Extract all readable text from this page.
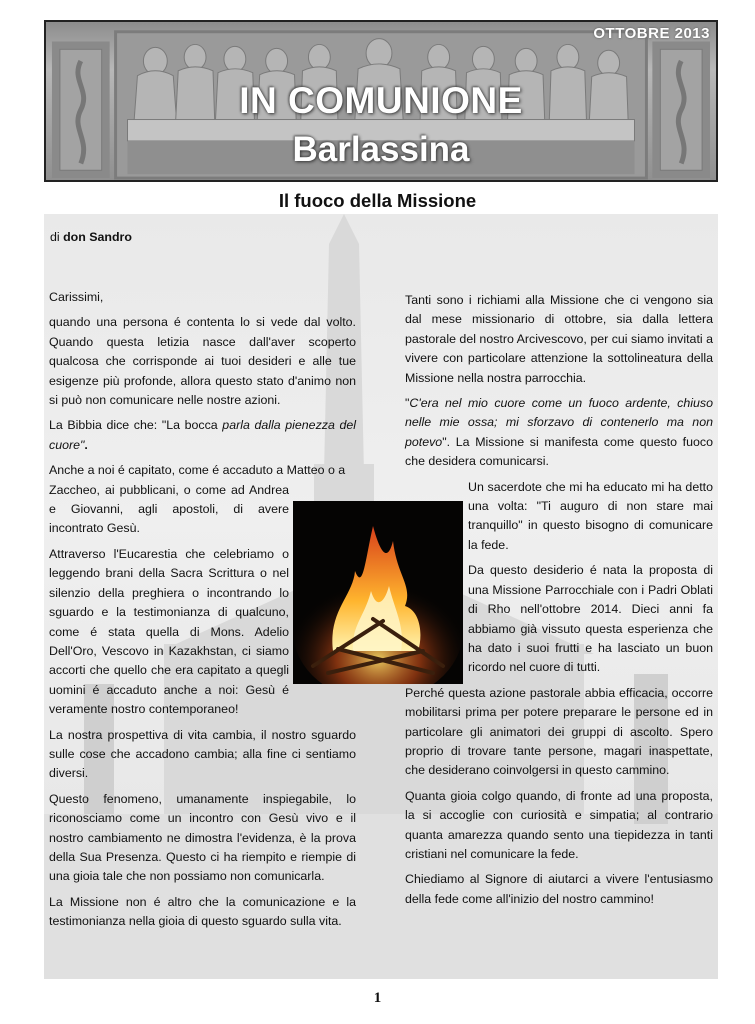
OTTOBRE 2013
IN COMUNIONE
Barlassina
Il fuoco della Missione
di don Sandro

Carissimi,

quando una persona é contenta lo si vede dal volto. Quando questa letizia nasce dall'aver scoperto qualcosa che corrisponde ai tuoi desideri e alle tue esigenze più profonde, allora questo stato d'animo non si può non comunicare nelle nostre azioni.

La Bibbia dice che: "La bocca parla dalla pienezza del cuore".

Anche a noi é capitato, come é accaduto a Matteo o a
Zaccheo, ai pubblicani, o come ad Andrea e Giovanni, agli apostoli, di avere incontrato Gesù.

Attraverso l'Eucarestia che celebriamo o leggendo brani della Sacra Scrittura o nel silenzio della preghiera o incontrando lo sguardo e la testimonianza di qualcuno, come é stata quella di Mons. Adelio Dell'Oro, Vescovo in Kazakhstan, ci siamo accorti che quello che era capitato a quegli uomini é accaduto anche a noi: Gesù é veramente nostro contemporaneo!

La nostra prospettiva di vita cambia, il nostro sguardo sulle cose che accadono cambia; alla fine ci sentiamo diversi.

Questo fenomeno, umanamente inspiegabile, lo riconosciamo come un incontro con Gesù vivo e il nostro cambiamento ne dimostra l'evidenza, è la prova della Sua Presenza. Questo ci ha riempito e riempie di una gioia tale che non possiamo non comunicarla.

La Missione non é altro che la comunicazione e la testimonianza nella gioia di questo sguardo sulla vita.

Tanti sono i richiami alla Missione che ci vengono sia dal mese missionario di ottobre, sia dalla lettera pastorale del nostro Arcivescovo, per cui siamo invitati a vivere con particolare attenzione la sottolineatura della Missione nella nostra parrocchia.

"C'era nel mio cuore come un fuoco ardente, chiuso nelle mie ossa; mi sforzavo di contenerlo ma non potevo". La Missione si manifesta come questo fuoco che desidera comunicarsi.

Un sacerdote che mi ha educato mi ha detto una volta: "Ti auguro di non stare mai tranquillo" in questo bisogno di comunicare la fede.

Da questo desiderio é nata la proposta di una Missione Parrocchiale con i Padri Oblati di Rho nell'ottobre 2014. Dieci anni fa abbiamo già vissuto questa esperienza che ha dato i suoi frutti e ha lasciato un buon ricordo nel cuore di tutti.

Perché questa azione pastorale abbia efficacia, occorre mobilitarsi prima per potere preparare le persone ed in particolare gli animatori dei gruppi di ascolto. Spero proprio di trovare tante persone, magari inaspettate, che desiderano coinvolgersi in questo cammino.

Quanta gioia colgo quando, di fronte ad una proposta, la si accoglie con curiosità e simpatia; al contrario quanta amarezza quando sento una tiepidezza in tanti cristiani nel comunicare la fede.

Chiediamo al Signore di aiutarci a vivere l'entusiasmo della fede come all'inizio del nostro cammino!

1
